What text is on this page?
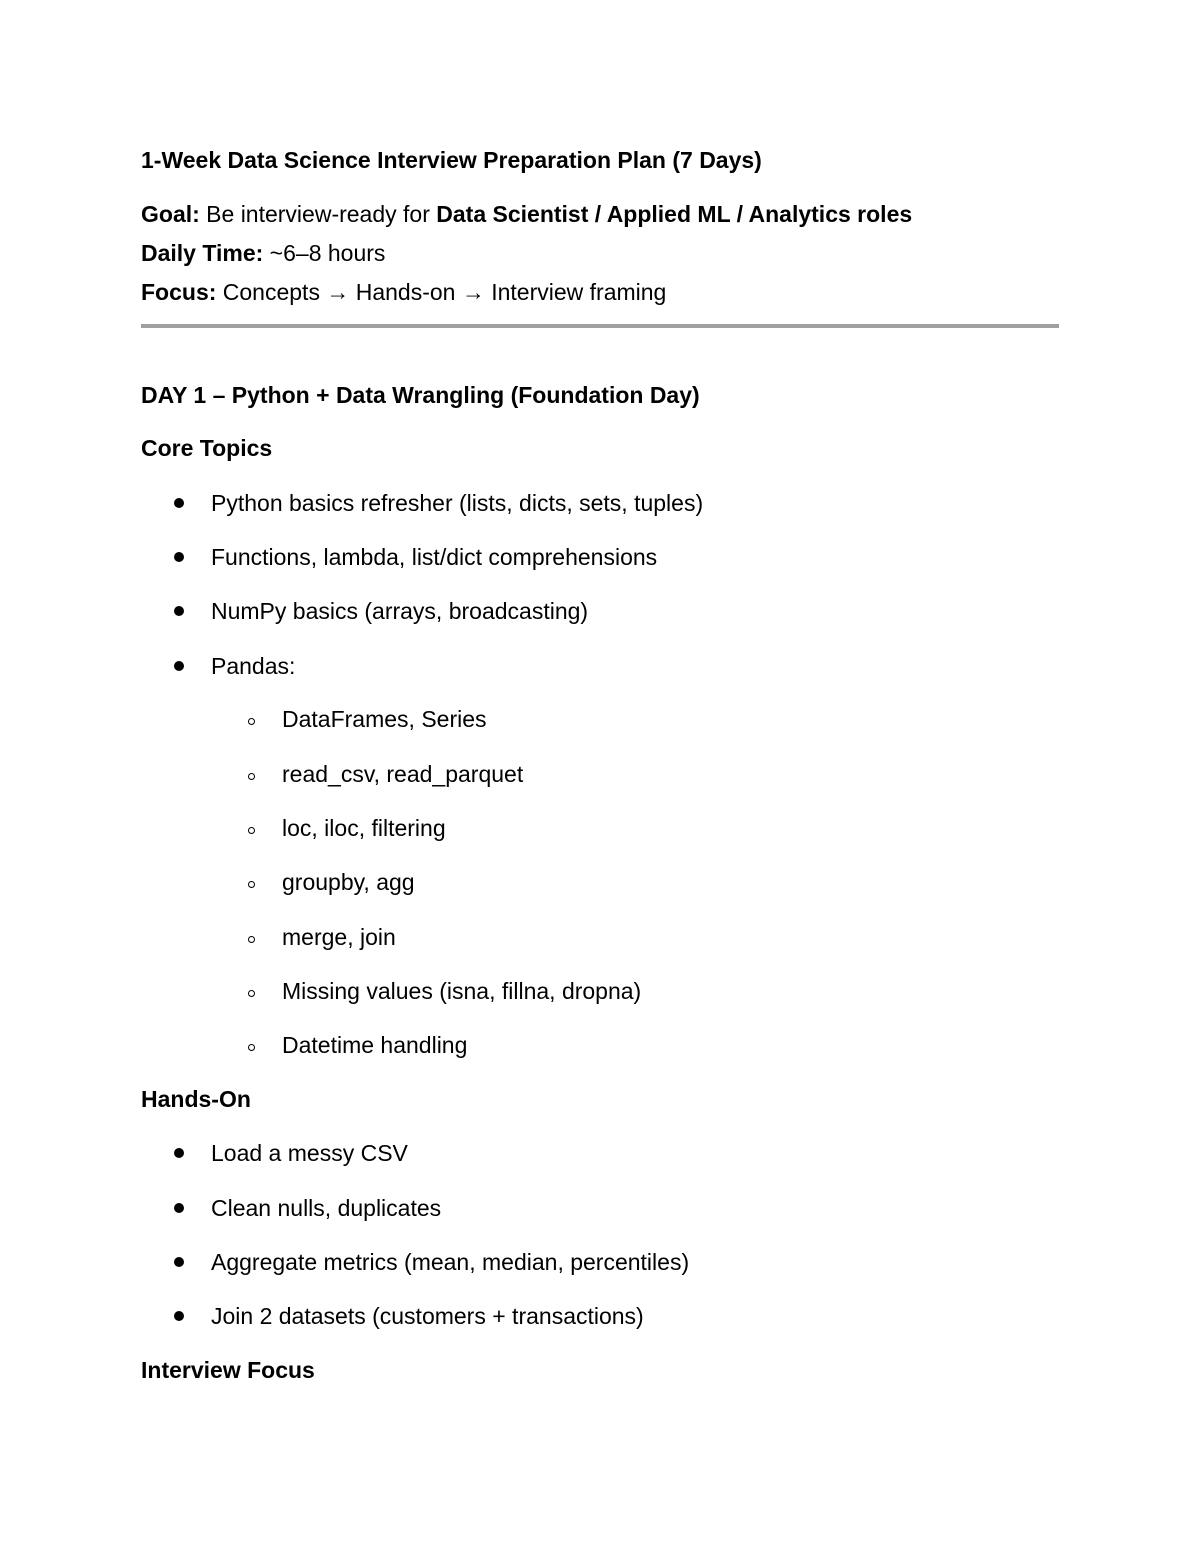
1-Week Data Science Interview Preparation Plan (7 Days)
Goal: Be interview-ready for Data Scientist / Applied ML / Analytics roles
Daily Time: ~6–8 hours
Focus: Concepts → Hands-on → Interview framing
DAY 1 – Python + Data Wrangling (Foundation Day)
Core Topics
Python basics refresher (lists, dicts, sets, tuples)
Functions, lambda, list/dict comprehensions
NumPy basics (arrays, broadcasting)
Pandas:
DataFrames, Series
read_csv, read_parquet
loc, iloc, filtering
groupby, agg
merge, join
Missing values (isna, fillna, dropna)
Datetime handling
Hands-On
Load a messy CSV
Clean nulls, duplicates
Aggregate metrics (mean, median, percentiles)
Join 2 datasets (customers + transactions)
Interview Focus
